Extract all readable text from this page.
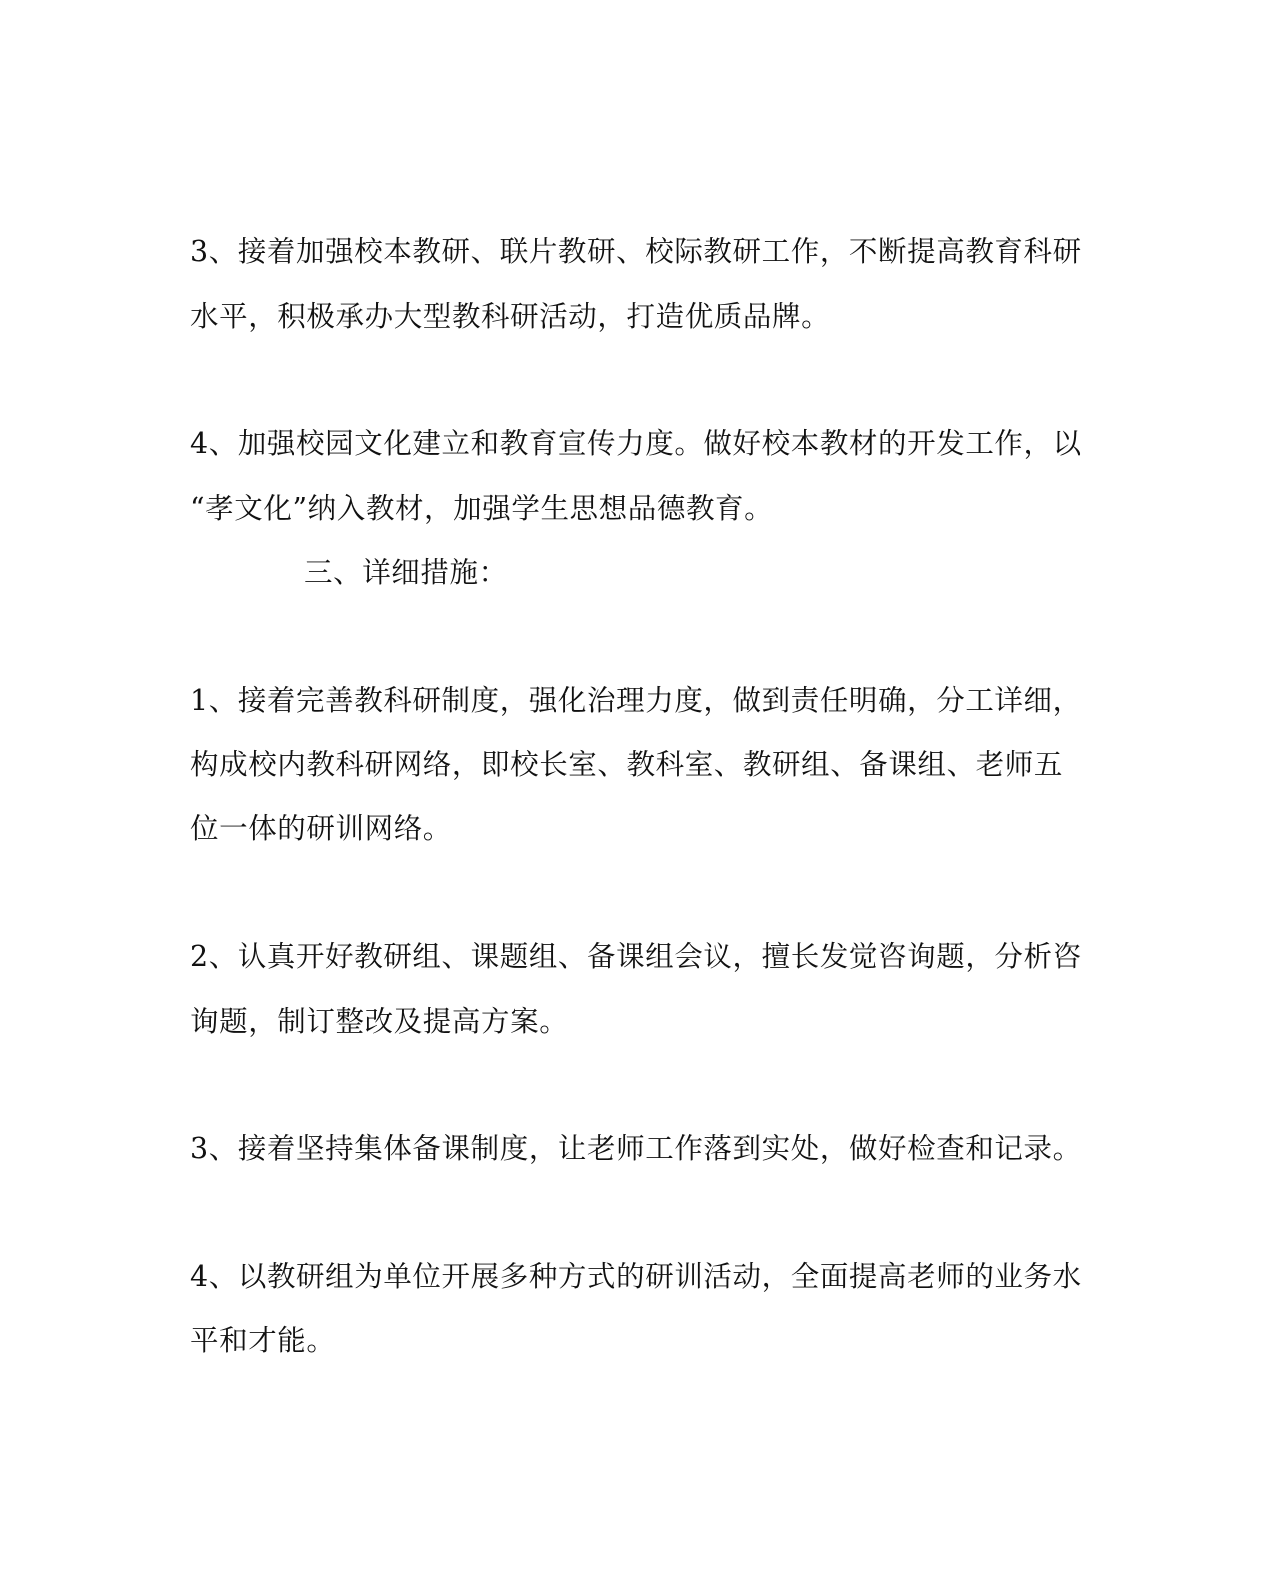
3、接着加强校本教研、联片教研、校际教研工作，不断提高教育科研
水平，积极承办大型教科研活动，打造优质品牌。
4、加强校园文化建立和教育宣传力度。做好校本教材的开发工作，以
“孝文化”纳入教材，加强学生思想品德教育。
三、详细措施：
1、接着完善教科研制度，强化治理力度，做到责任明确，分工详细，
构成校内教科研网络，即校长室、教科室、教研组、备课组、老师五
位一体的研训网络。
2、认真开好教研组、课题组、备课组会议，擅长发觉咨询题，分析咨
询题，制订整改及提高方案。
3、接着坚持集体备课制度，让老师工作落到实处，做好检查和记录。
4、以教研组为单位开展多种方式的研训活动，全面提高老师的业务水
平和才能。
